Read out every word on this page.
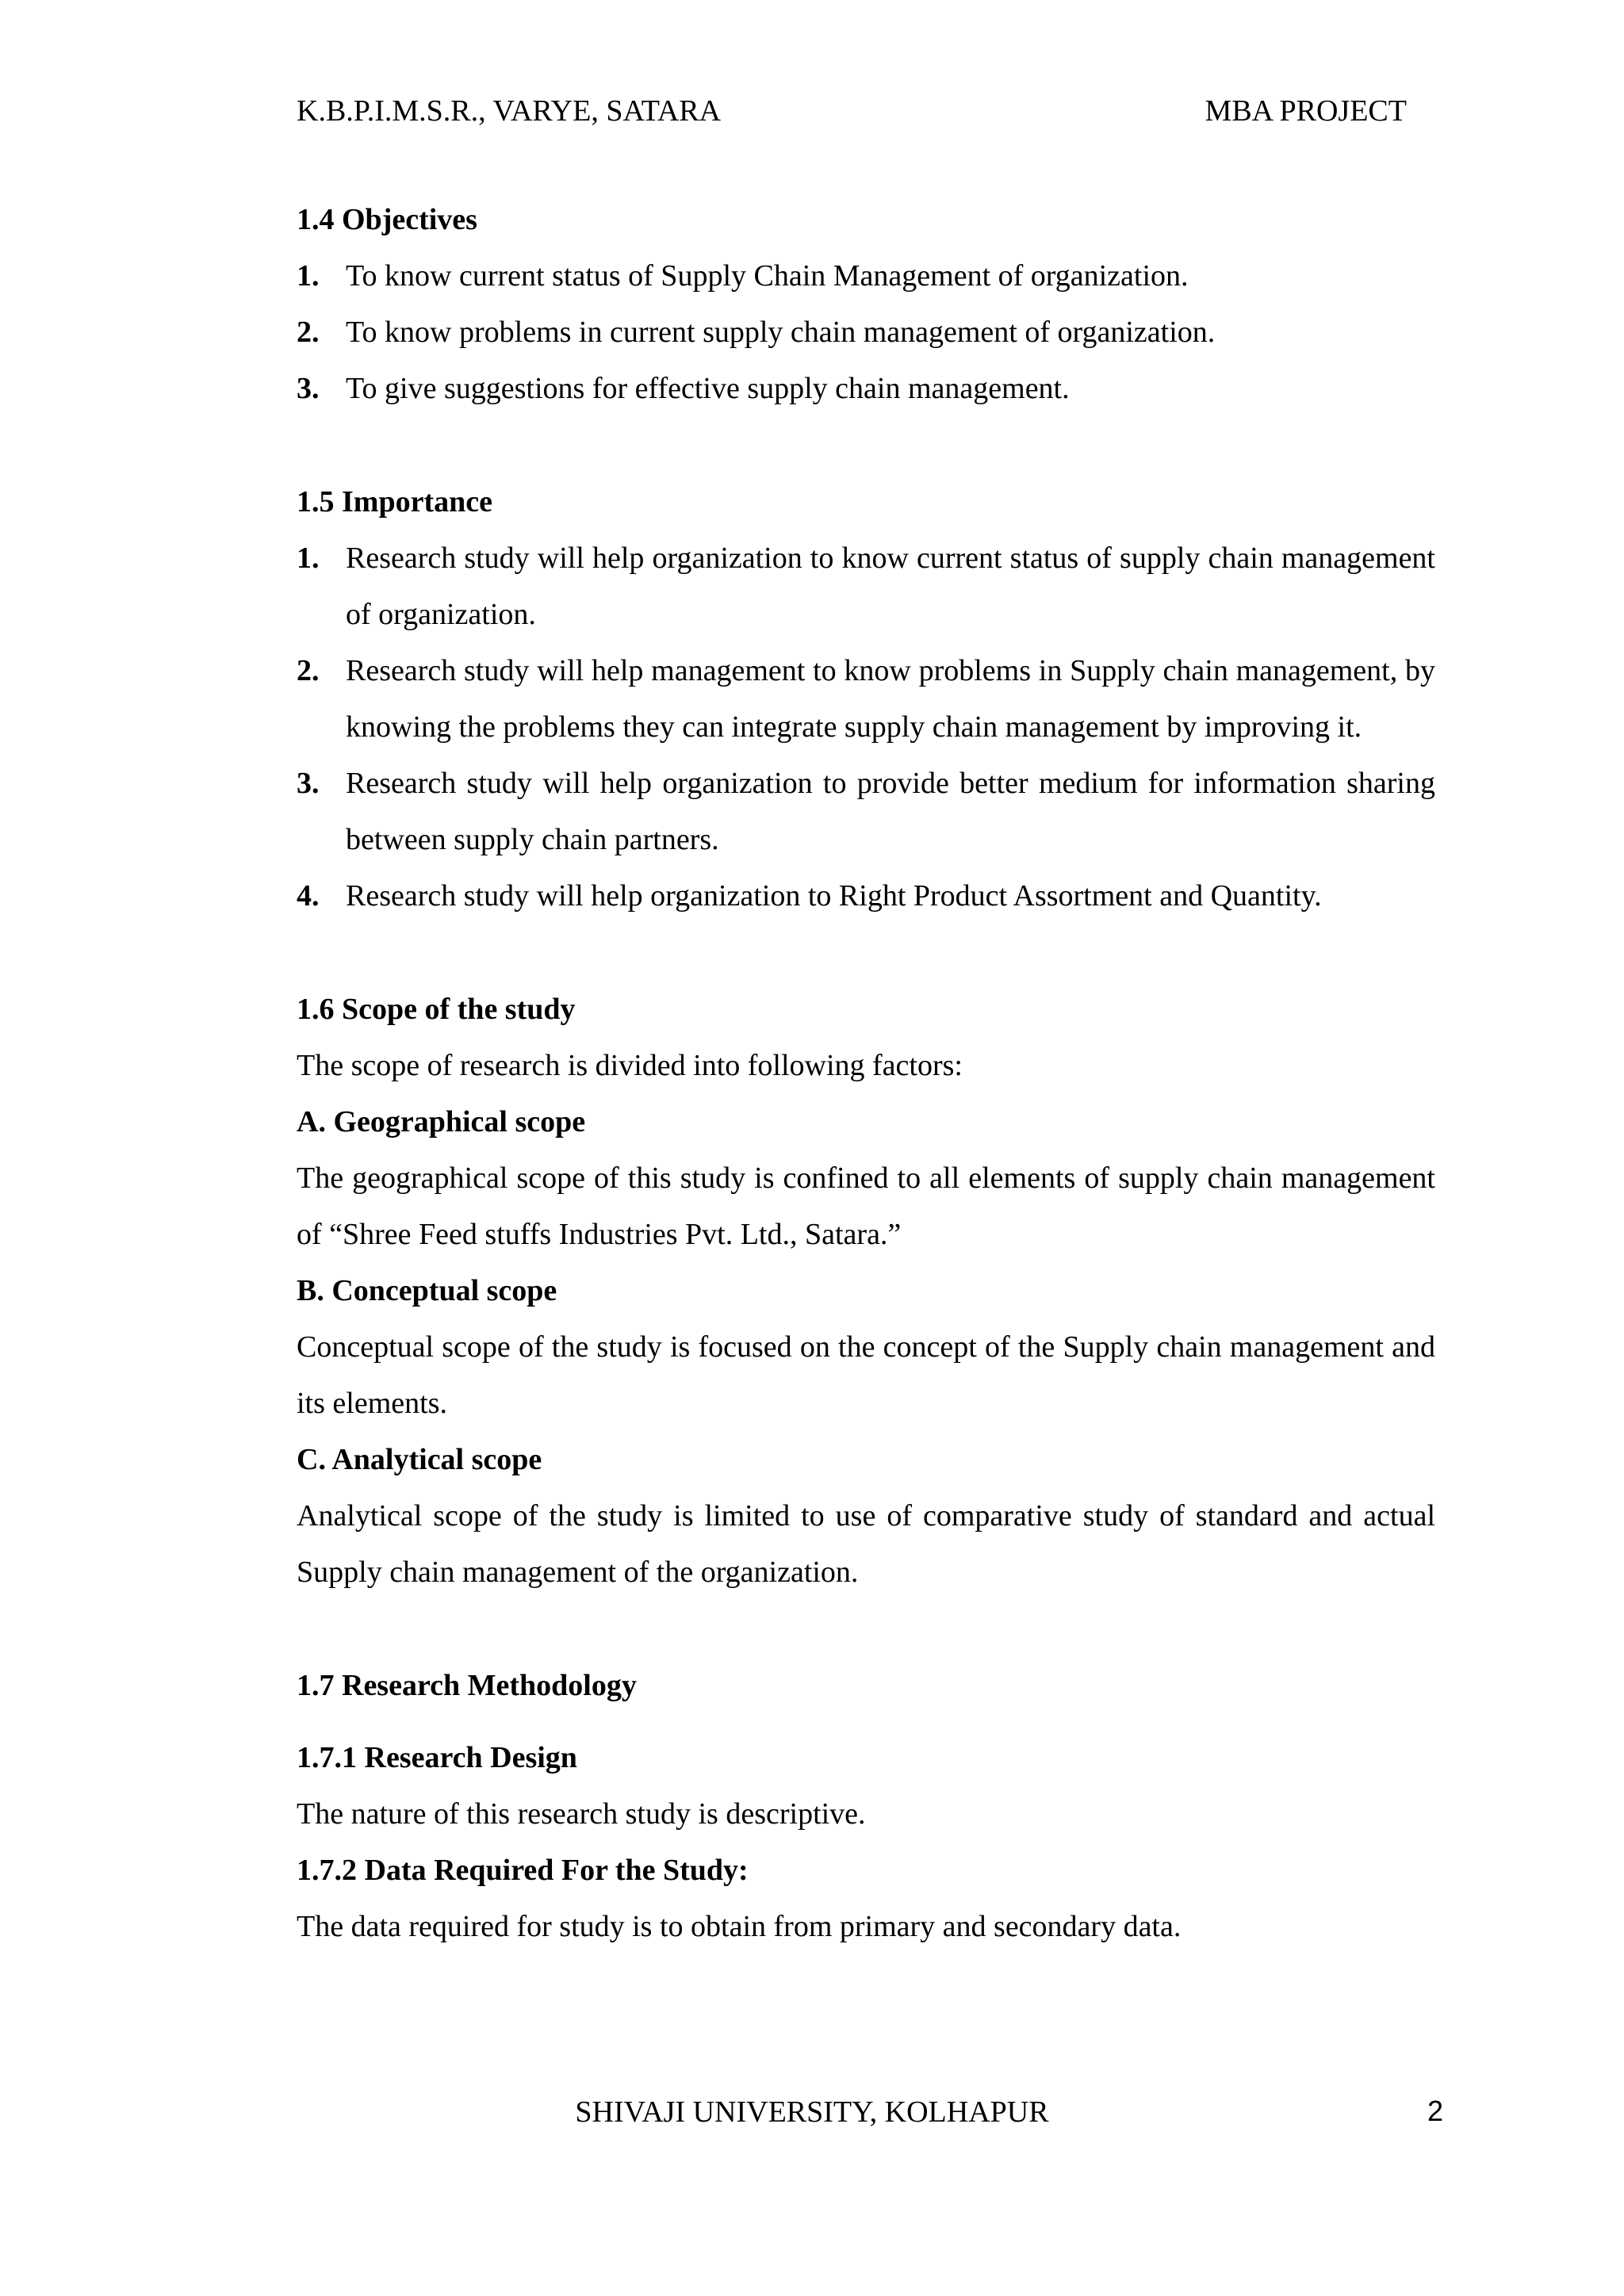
K.B.P.I.M.S.R., VARYE, SATARA	MBA PROJECT

1.4 Objectives

1. To know current status of Supply Chain Management of organization.
2. To know problems in current supply chain management of organization.
3. To give suggestions for effective supply chain management.

1.5 Importance

1. Research study will help organization to know current status of supply chain management of organization.
2. Research study will help management to know problems in Supply chain management, by knowing the problems they can integrate supply chain management by improving it.
3. Research study will help organization to provide better medium for information sharing between supply chain partners.
4. Research study will help organization to Right Product Assortment and Quantity.

1.6 Scope of the study

The scope of research is divided into following factors:

A. Geographical scope

The geographical scope of this study is confined to all elements of supply chain management of “Shree Feed stuffs Industries Pvt. Ltd., Satara.”

B. Conceptual scope

Conceptual scope of the study is focused on the concept of the Supply chain management and its elements.

C. Analytical scope

Analytical scope of the study is limited to use of comparative study of standard and actual Supply chain management of the organization.

1.7 Research Methodology

1.7.1 Research Design

The nature of this research study is descriptive.

1.7.2 Data Required For the Study:

The data required for study is to obtain from primary and secondary data.

SHIVAJI UNIVERSITY, KOLHAPUR	2
